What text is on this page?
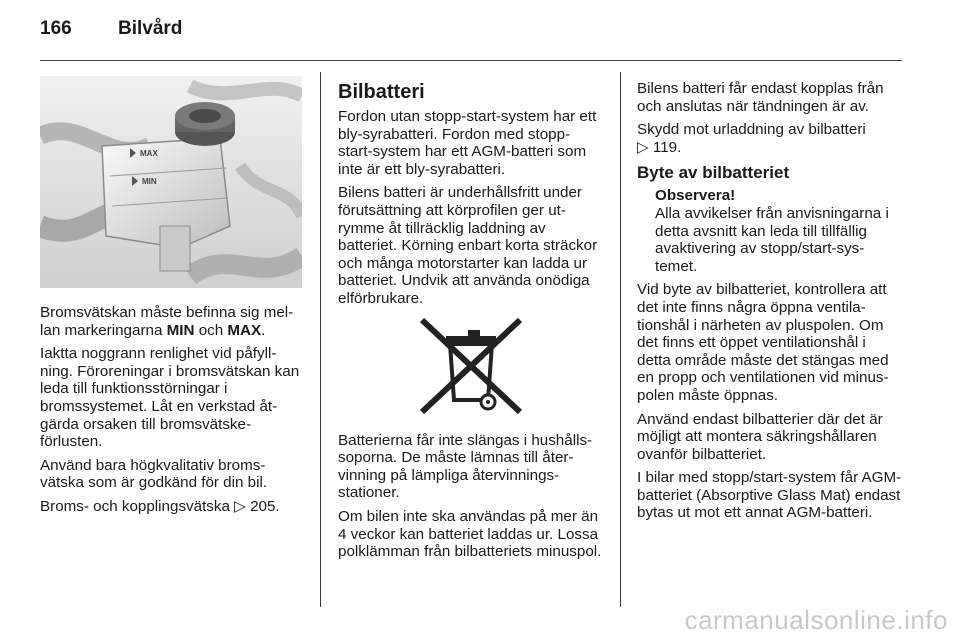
166 Bilvård
MAX
MIN

Bromsvätskan måste befinna sig mel- lan markeringarna MIN och MAX.

Iaktta noggrann renlighet vid påfyll-ning. Föroreningar i bromsvätskan kan leda till funktionsstörningar i bromssystemet. Låt en verkstad åt-gärda orsaken till bromsvätske-förlusten.

Använd bara högkvalitativ broms-vätska som är godkänd för din bil.

Broms- och kopplingsvätska ▷ 205.

Bilbatteri

Fordon utan stopp-start-system har ett bly-syrabatteri. Fordon med stopp-start-system har ett AGM-batteri som inte är ett bly-syrabatteri.

Bilens batteri är underhållsfritt under förutsättning att körprofilen ger ut-rymme åt tillräcklig laddning av batteriet. Körning enbart korta sträckor och många motorstarter kan ladda ur batteriet. Undvik att använda onödiga elförbrukare.

Batterierna får inte slängas i hushålls-soporna. De måste lämnas till åter-vinning på lämpliga återvinnings-stationer.

Om bilen inte ska användas på mer än 4 veckor kan batteriet laddas ur. Lossa polklämman från bilbatteriets minuspol.

Bilens batteri får endast kopplas från och anslutas när tändningen är av.

Skydd mot urladdning av bilbatteri
▷ 119.

Byte av bilbatteriet
Observera!
Alla avvikelser från anvisningarna i detta avsnitt kan leda till tillfällig avaktivering av stopp/start-sys-temet.

Vid byte av bilbatteriet, kontrollera att det inte finns några öppna ventila-tionshål i närheten av pluspolen. Om det finns ett öppet ventilationshål i detta område måste det stängas med en propp och ventilationen vid minus-polen måste öppnas.

Använd endast bilbatterier där det är möjligt att montera säkringshållaren ovanför bilbatteriet.

I bilar med stopp/start-system får AGM-batteriet (Absorptive Glass Mat) endast bytas ut mot ett annat AGM-batteri.

carmanualsonline.info
